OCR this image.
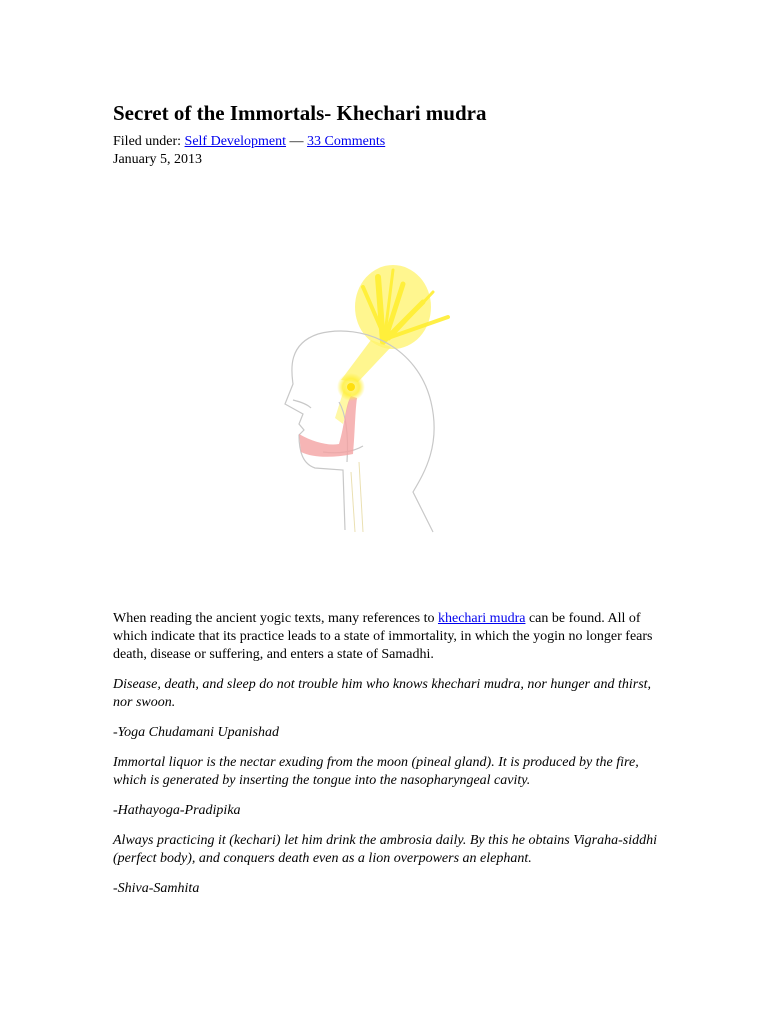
Secret of the Immortals- Khechari mudra
Filed under: Self Development — 33 Comments
January 5, 2013

When reading the ancient yogic texts, many references to khechari mudra can be found. All of which indicate that its practice leads to a state of immortality, in which the yogin no longer fears death, disease or suffering, and enters a state of Samadhi.

Disease, death, and sleep do not trouble him who knows khechari mudra, nor hunger and thirst, nor swoon.

-Yoga Chudamani Upanishad

Immortal liquor is the nectar exuding from the moon (pineal gland). It is produced by the fire, which is generated by inserting the tongue into the nasopharyngeal cavity.

-Hathayoga-Pradipika

Always practicing it (kechari) let him drink the ambrosia daily. By this he obtains Vigraha-siddhi (perfect body), and conquers death even as a lion overpowers an elephant.

-Shiva-Samhita
